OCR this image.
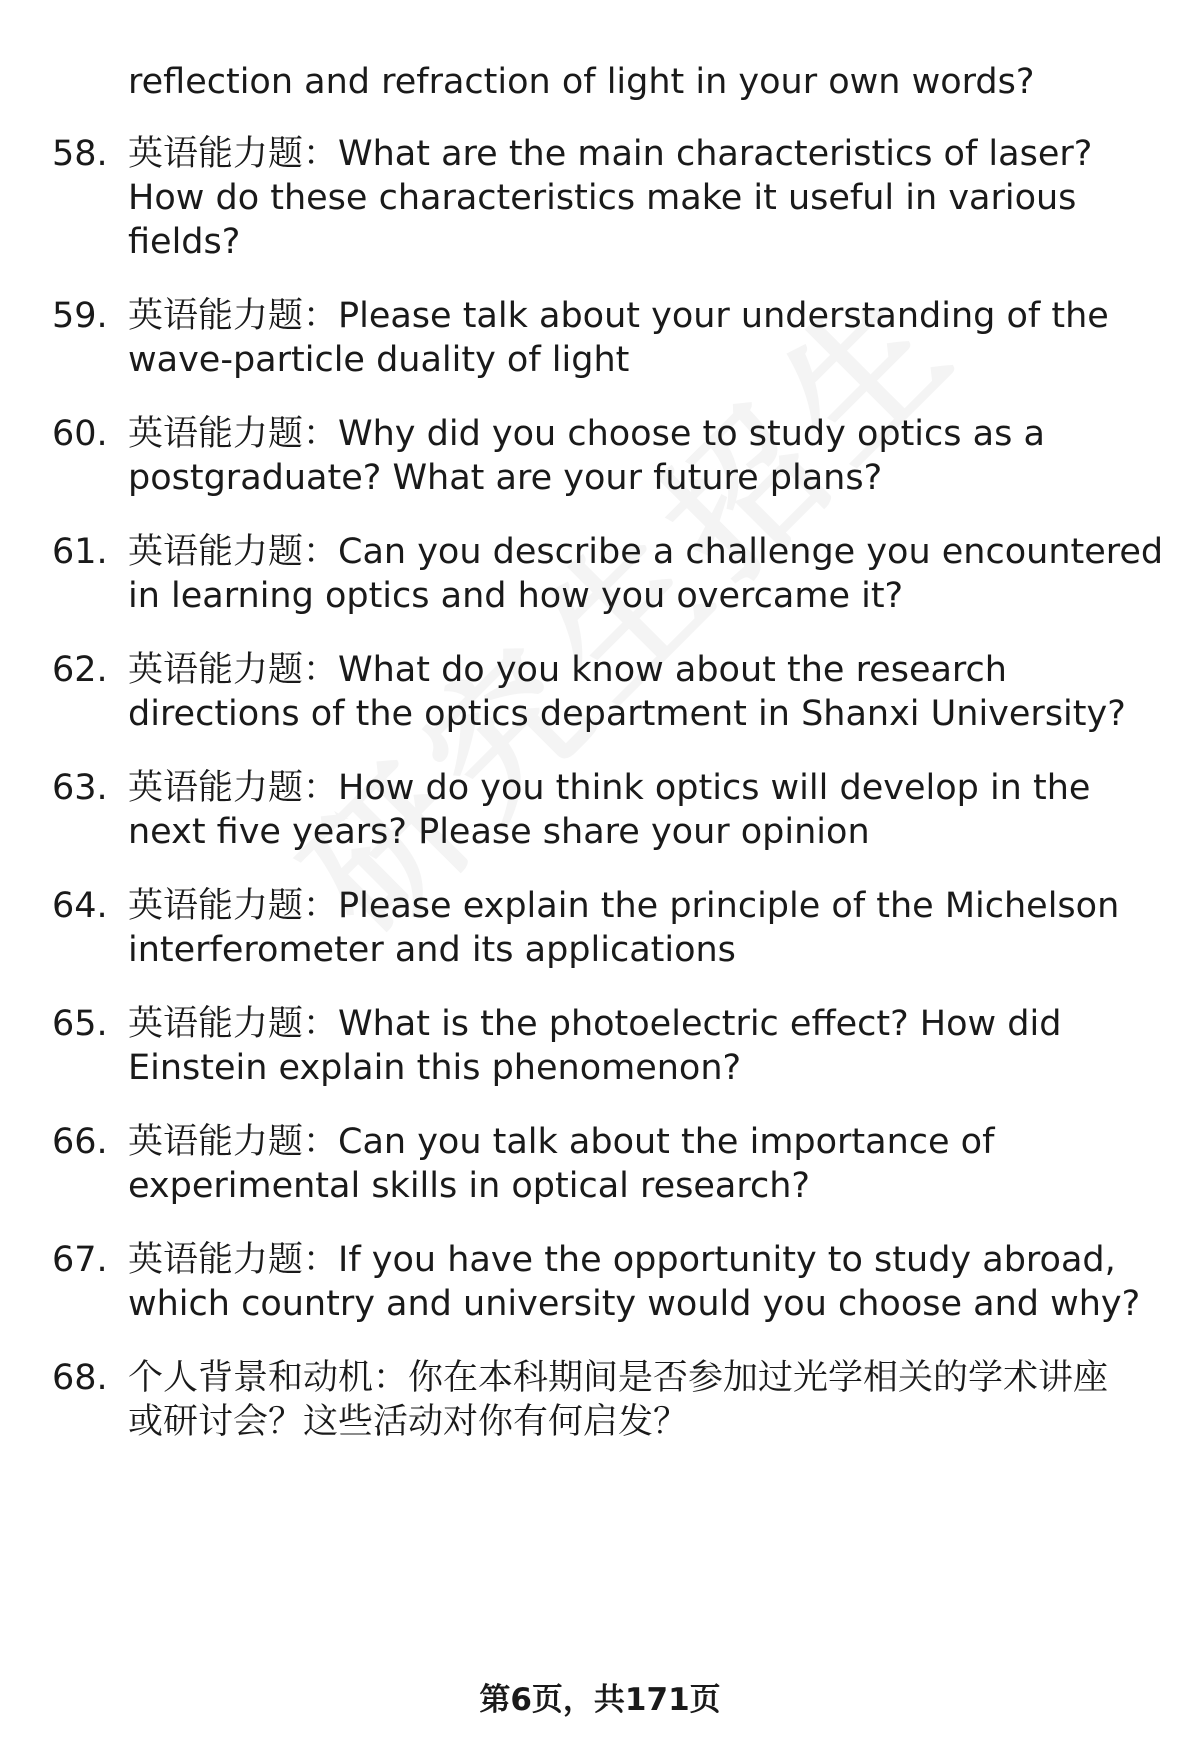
reflection and refraction of light in your own words?
58. 英语能力题：What are the main characteristics of laser?
How do these characteristics make it useful in various
fields?
59. 英语能力题：Please talk about your understanding of the
wave-particle duality of light
60. 英语能力题：Why did you choose to study optics as a
postgraduate? What are your future plans?
61. 英语能力题：Can you describe a challenge you encountered
in learning optics and how you overcame it?
62. 英语能力题：What do you know about the research
directions of the optics department in Shanxi University?
63. 英语能力题：How do you think optics will develop in the
next five years? Please share your opinion
64. 英语能力题：Please explain the principle of the Michelson
interferometer and its applications
65. 英语能力题：What is the photoelectric effect? How did
Einstein explain this phenomenon?
66. 英语能力题：Can you talk about the importance of
experimental skills in optical research?
67. 英语能力题：If you have the opportunity to study abroad,
which country and university would you choose and why?
68. 个人背景和动机：你在本科期间是否参加过光学相关的学术讲座
或研讨会？这些活动对你有何启发？
第6页，共171页
